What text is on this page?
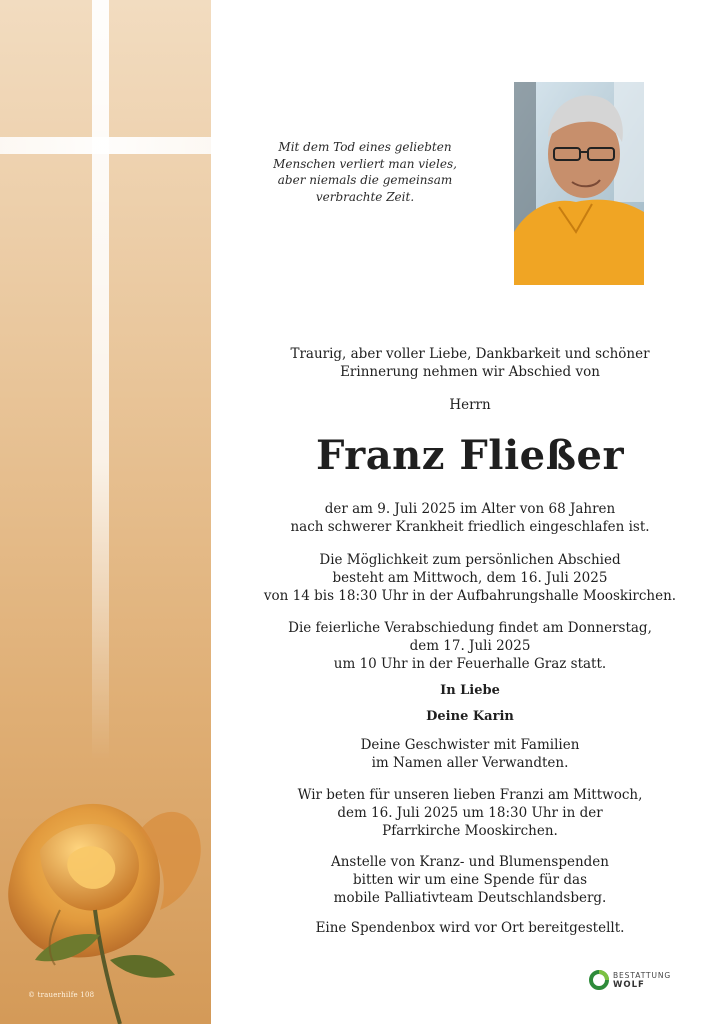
© trauerhilfe 108
Mit dem Tod eines geliebten
Menschen verliert man vieles,
aber niemals die gemeinsam
verbrachte Zeit.
Traurig, aber voller Liebe, Dankbarkeit und schöner
Erinnerung nehmen wir Abschied von
Herrn
Franz Fließer
der am 9. Juli 2025 im Alter von 68 Jahren
nach schwerer Krankheit friedlich eingeschlafen ist.
Die Möglichkeit zum persönlichen Abschied
besteht am Mittwoch, dem 16. Juli 2025
von 14 bis 18:30 Uhr in der Aufbahrungshalle Mooskirchen.
Die feierliche Verabschiedung findet am Donnerstag,
dem 17. Juli 2025
um 10 Uhr in der Feuerhalle Graz statt.
In Liebe
Deine Karin
Deine Geschwister mit Familien
im Namen aller Verwandten.
Wir beten für unseren lieben Franzi am Mittwoch,
dem 16. Juli 2025 um 18:30 Uhr in der
Pfarrkirche Mooskirchen.
Anstelle von Kranz- und Blumenspenden
bitten wir um eine Spende für das
mobile Palliativteam Deutschlandsberg.
Eine Spendenbox wird vor Ort bereitgestellt.
BESTATTUNG
WOLF
